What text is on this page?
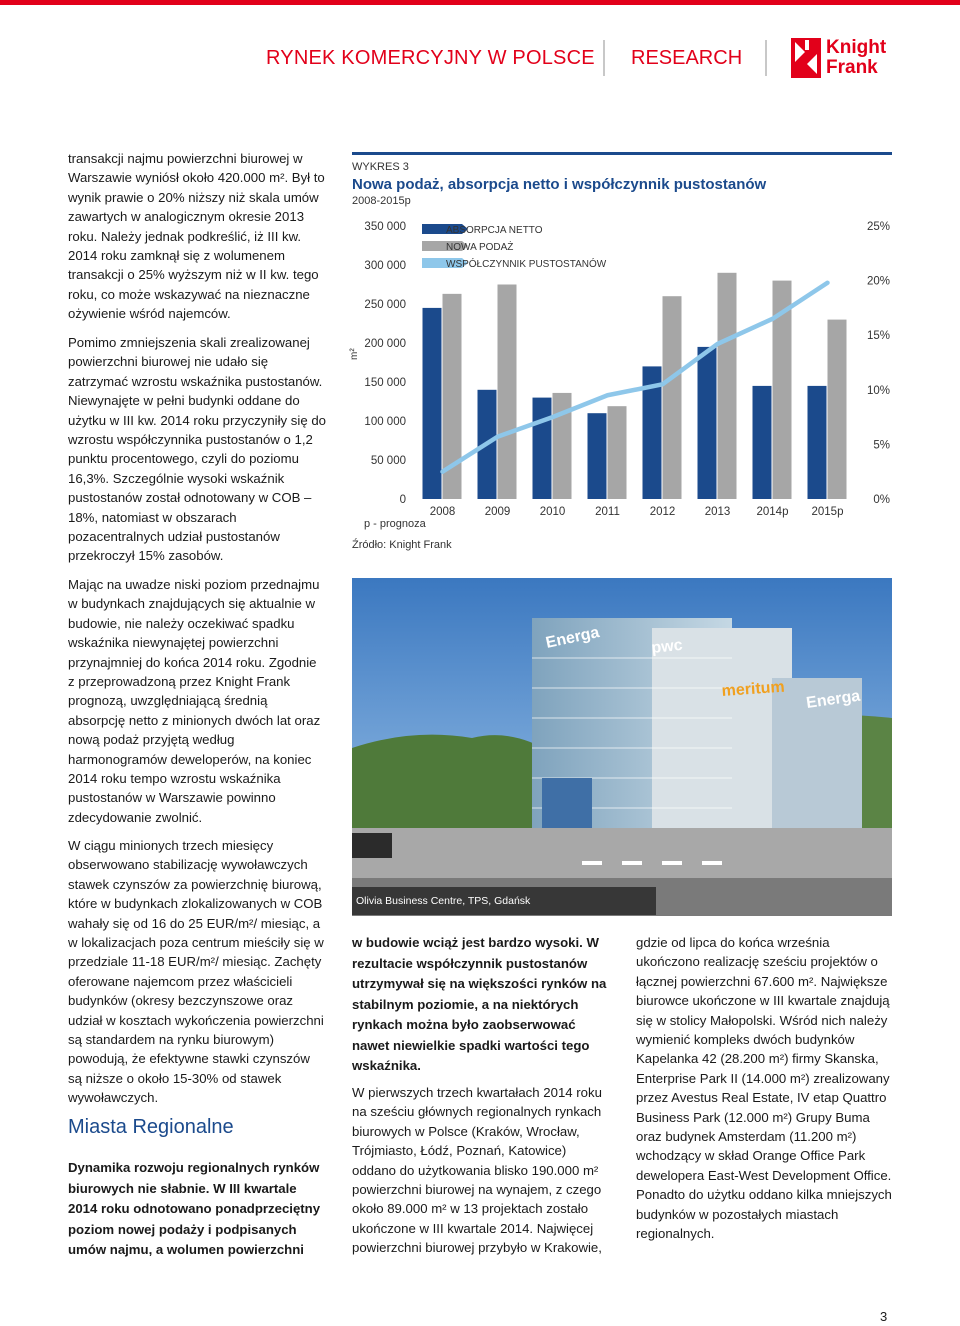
RYNEK KOMERCYJNY W POLSCE RESEARCH	Knight
Frank

transakcji najmu powierzchni biurowej w Warszawie wyniósł około 420.000 m². Był to wynik prawie o 20% niższy niż skala umów zawartych w analogicznym okresie 2013 roku. Należy jednak podkreślić, iż III kw. 2014 roku zamknął się z wolumenem transakcji o 25% wyższym niż w II kw. tego roku, co może wskazywać na nieznaczne ożywienie wśród najemców.

Pomimo zmniejszenia skali zrealizowanej powierzchni biurowej nie udało się zatrzymać wzrostu wskaźnika pustostanów. Niewynajęte w pełni budynki oddane do użytku w III kw. 2014 roku przyczyniły się do wzrostu współczynnika pustostanów o 1,2 punktu procentowego, czyli do poziomu 16,3%. Szczególnie wysoki wskaźnik pustostanów został odnotowany w COB – 18%, natomiast w obszarach pozacentralnych udział pustostanów przekroczył 15% zasobów.

Mając na uwadze niski poziom przednajmu w budynkach znajdujących się aktualnie w budowie, nie należy oczekiwać spadku wskaźnika niewynajętej powierzchni przynajmniej do końca 2014 roku. Zgodnie z przeprowadzoną przez Knight Frank prognozą, uwzględniającą średnią absorpcję netto z minionych dwóch lat oraz nową podaż przyjętą według harmonogramów deweloperów, na koniec 2014 roku tempo wzrostu wskaźnika pustostanów w Warszawie powinno zdecydowanie zwolnić.

W ciągu minionych trzech miesięcy obserwowano stabilizację wywoławczych stawek czynszów za powierzchnię biurową, które w budynkach zlokalizowanych w COB wahały się od 16 do 25 EUR/m²/ miesiąc, a w lokalizacjach poza centrum mieściły się w przedziale 11-18 EUR/m²/ miesiąc. Zachęty oferowane najemcom przez właścicieli budynków (okresy bezczynszowe oraz udział w kosztach wykończenia powierzchni są standardem na rynku biurowym) powodują, że efektywne stawki czynszów są niższe o około 15-30% od stawek wywoławczych.

Miasta Regionalne

Dynamika rozwoju regionalnych rynków biurowych nie słabnie. W III kwartale 2014 roku odnotowano ponadprzeciętny poziom nowej podaży i podpisanych umów najmu, a wolumen powierzchni

WYKRES 3
Nowa podaż, absorpcja netto i współczynnik pustostanów
2008-2015p
0
50 000
100 000
150 000
200 000
250 000
300 000
350 000
0%
5%
10%
15%
20%
25%
2008	2009	2010	2011	2012	2013 2014p 2015p
ABSORPCJA NETTO
NOWA PODAŻ
WSPÓŁCZYNNIK PUSTOSTANÓW
m²
p - prognoza
Źródło: Knight Frank
Energa	pwc
meritum Energa
Olivia Business Centre, TPS, Gdańsk

w budowie wciąż jest bardzo wysoki. W rezultacie współczynnik pustostanów utrzymywał się na większości rynków na stabilnym poziomie, a na niektórych rynkach można było zaobserwować nawet niewielkie spadki wartości tego wskaźnika.

W pierwszych trzech kwartałach 2014 roku na sześciu głównych regionalnych rynkach biurowych w Polsce (Kraków, Wrocław, Trójmiasto, Łódź, Poznań, Katowice) oddano do użytkowania blisko 190.000 m² powierzchni biurowej na wynajem, z czego około 89.000 m² w 13 projektach zostało ukończone w III kwartale 2014. Najwięcej powierzchni biurowej przybyło w Krakowie,

gdzie od lipca do końca września ukończono realizację sześciu projektów o łącznej powierzchni 67.600 m². Największe biurowce ukończone w III kwartale znajdują się w stolicy Małopolski. Wśród nich należy wymienić kompleks dwóch budynków Kapelanka 42 (28.200 m²) firmy Skanska, Enterprise Park II (14.000 m²) zrealizowany przez Avestus Real Estate, IV etap Quattro Business Park (12.000 m²) Grupy Buma oraz budynek Amsterdam (11.200 m²) wchodzący w skład Orange Office Park dewelopera East-West Development Office. Ponadto do użytku oddano kilka mniejszych budynków w pozostałych miastach regionalnych.

3
